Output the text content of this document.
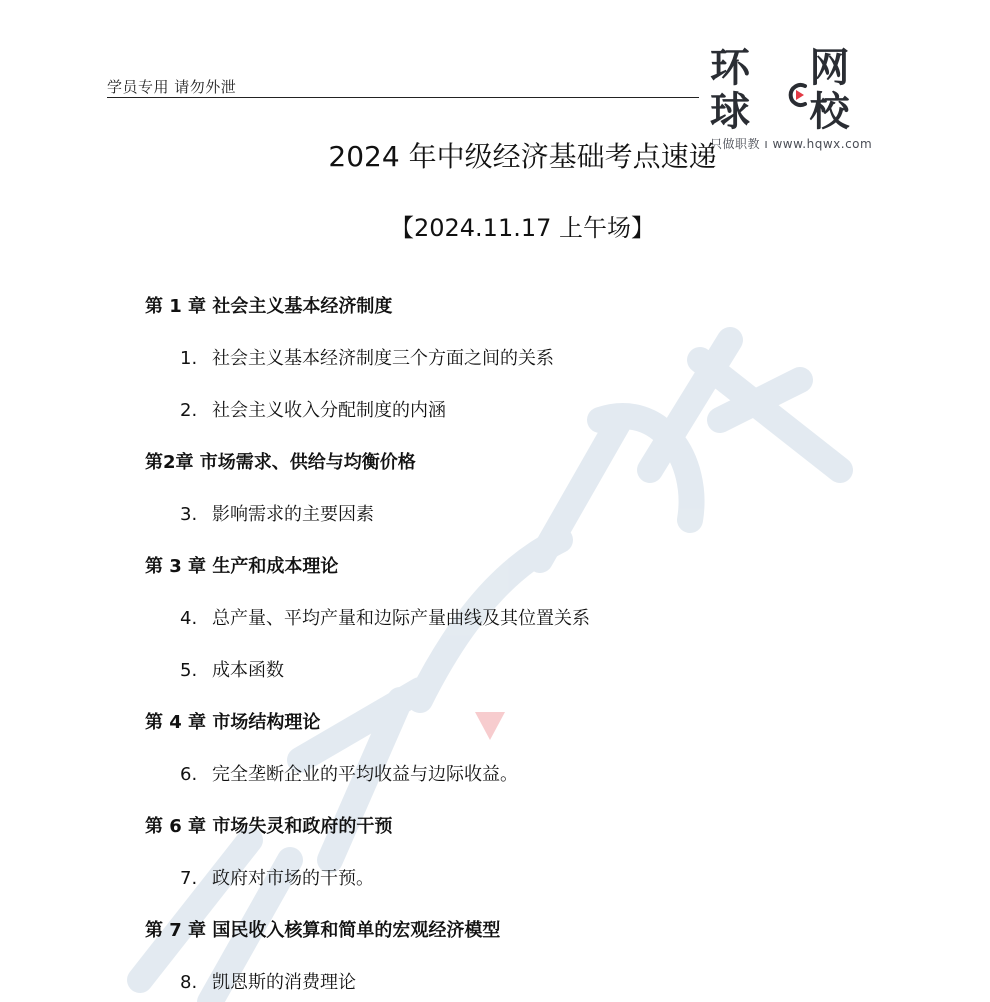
学员专用 请勿外泄	环球
网校
只做职教 ı www.hqwx.com
2024 年中级经济基础考点速递
【2024.11.17 上午场】
第 1 章 社会主义基本经济制度
1. 社会主义基本经济制度三个方面之间的关系
2. 社会主义收入分配制度的内涵
第2章 市场需求、供给与均衡价格
3. 影响需求的主要因素
第 3 章 生产和成本理论
4. 总产量、平均产量和边际产量曲线及其位置关系
5. 成本函数
第 4 章 市场结构理论
6. 完全垄断企业的平均收益与边际收益。
第 6 章 市场失灵和政府的干预
7. 政府对市场的干预。
第 7 章 国民收入核算和简单的宏观经济模型
8. 凯恩斯的消费理论
